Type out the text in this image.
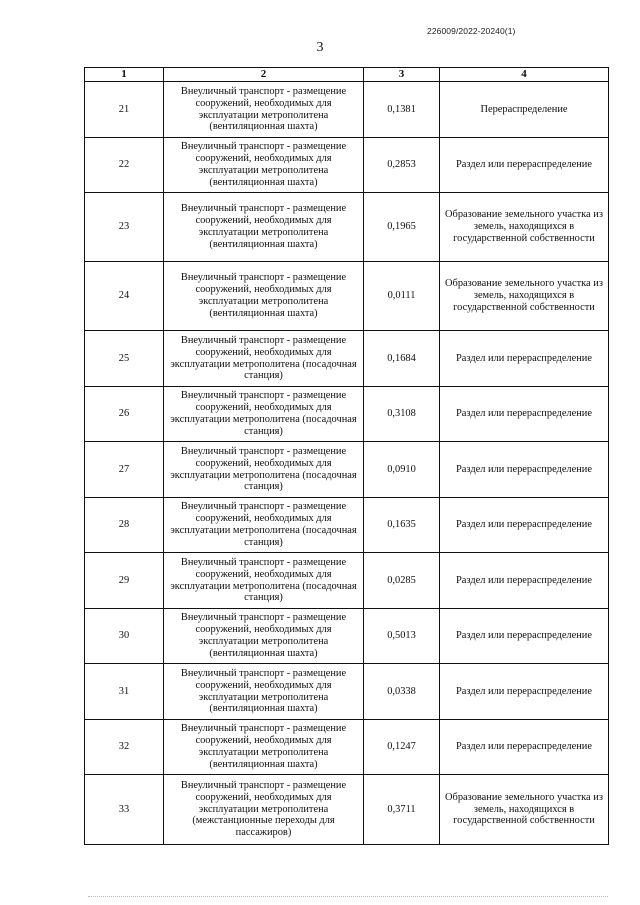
226009/2022-20240(1)
3
1	2	3	4
21	Внеуличный транспорт - размещение сооружений, необходимых для эксплуатации метрополитена (вентиляционная шахта)	0,1381	Перераспределение
22	Внеуличный транспорт - размещение сооружений, необходимых для эксплуатации метрополитена (вентиляционная шахта)	0,2853	Раздел или перераспределение
23	Внеуличный транспорт - размещение сооружений, необходимых для эксплуатации метрополитена (вентиляционная шахта)	0,1965	Образование земельного участка из земель, находящихся в государственной собственности
24	Внеуличный транспорт - размещение сооружений, необходимых для эксплуатации метрополитена (вентиляционная шахта)	0,0111	Образование земельного участка из земель, находящихся в государственной собственности
25	Внеуличный транспорт - размещение сооружений, необходимых для эксплуатации метрополитена (посадочная станция)	0,1684	Раздел или перераспределение
26	Внеуличный транспорт - размещение сооружений, необходимых для эксплуатации метрополитена (посадочная станция)	0,3108	Раздел или перераспределение
27	Внеуличный транспорт - размещение сооружений, необходимых для эксплуатации метрополитена (посадочная станция)	0,0910	Раздел или перераспределение
28	Внеуличный транспорт - размещение сооружений, необходимых для эксплуатации метрополитена (посадочная станция)	0,1635	Раздел или перераспределение
29	Внеуличный транспорт - размещение сооружений, необходимых для эксплуатации метрополитена (посадочная станция)	0,0285	Раздел или перераспределение
30	Внеуличный транспорт - размещение сооружений, необходимых для эксплуатации метрополитена (вентиляционная шахта)	0,5013	Раздел или перераспределение
31	Внеуличный транспорт - размещение сооружений, необходимых для эксплуатации метрополитена (вентиляционная шахта)	0,0338	Раздел или перераспределение
32	Внеуличный транспорт - размещение сооружений, необходимых для эксплуатации метрополитена (вентиляционная шахта)	0,1247	Раздел или перераспределение
33	Внеуличный транспорт - размещение сооружений, необходимых для эксплуатации метрополитена (межстанционные переходы для пассажиров)	0,3711	Образование земельного участка из земель, находящихся в государственной собственности
